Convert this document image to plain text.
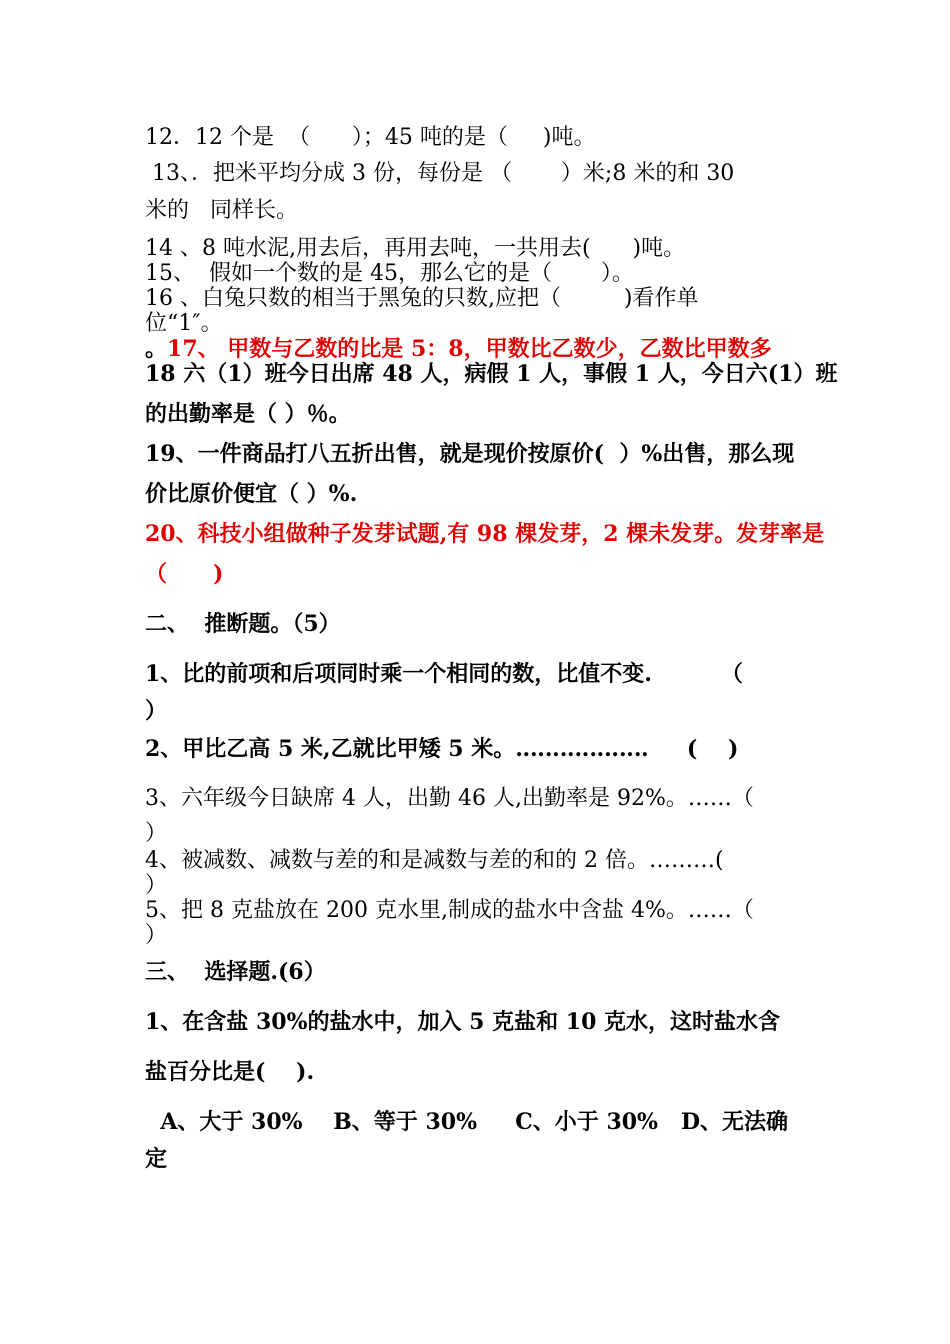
12．12 个是  （      ）；45 吨的是（     )吨。
13、．把米平均分成 3 份，每份是 （       ）米;8 米的和 30
米的   同样长。
14 、8 吨水泥,用去后，再用去吨，一共用去(      )吨。
15、  假如一个数的是 45，那么它的是（       ）。
16 、白兔只数的相当于黑兔的只数,应把（         )看作单
位“1″。
。17、 甲数与乙数的比是 5：8，甲数比乙数少，乙数比甲数多
18 六（1）班今日出席 48 人，病假 1 人，事假 1 人，今日六(1）班
的出勤率是（ ）％。
19、一件商品打八五折出售，就是现价按原价(  ）%出售，那么现
价比原价便宜（ ）%.
20、科技小组做种子发芽试题,有 98 棵发芽，2 棵未发芽。发芽率是
（      )
二、  推断题。（5）
1、比的前项和后项同时乘一个相同的数，比值不变.         （
）
2、甲比乙高 5 米,乙就比甲矮 5 米。‥‥‥‥‥‥‥‥‥     (    )
3、六年级今日缺席 4 人，出勤 46 人,出勤率是 92%。……（
）
4、被减数、减数与差的和是减数与差的和的 2 倍。………(
）
5、把 8 克盐放在 200 克水里,制成的盐水中含盐 4%。……（
）
三、  选择题.(6）
1、在含盐 30%的盐水中，加入 5 克盐和 10 克水，这时盐水含
盐百分比是(    ).
A、大于 30%    B、等于 30%     C、小于 30%   D、无法确
定
